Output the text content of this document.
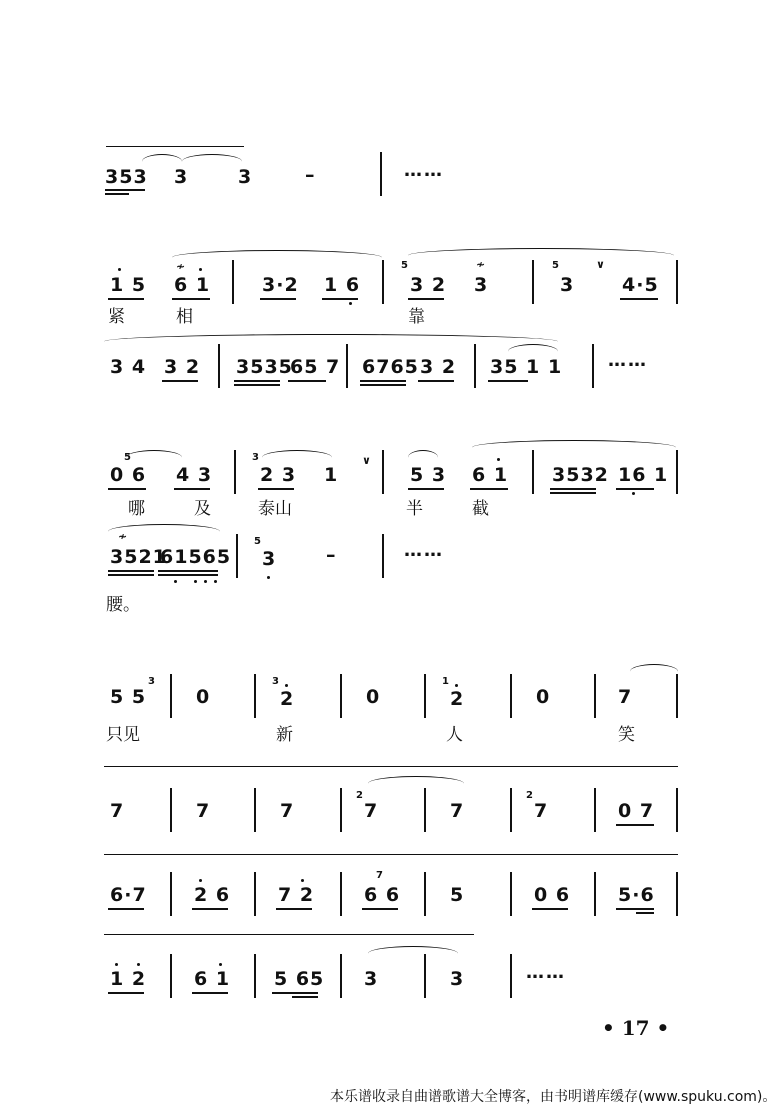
353 3	3	–	……
≁	≁	∨
1 5 6 1	3·2 1 6
5
3 2 3
5
3	4·5
紧	相	靠
3 4 3 2 3535
65 7 6765 3 2 35 1 1	……
∨
5
0 6 4 3
3
2 3 1	5 3 6 1 3532 16 1
哪	及	泰山	半	截
≁
3521
61565
5
3	–	……
腰。
5 5
3
0
3
2	0
1
2	0	7
只见	新	人	笑
7	7	7
2
7	7
2
7	0 7
6·7 2 6	7 2	6 6
7
5	0 6	5·6
1 2	6 1 5 65 3	3	……
• 17 •
本乐谱收录自曲谱歌谱大全博客，由书明谱库缓存(www.spuku.com)。
